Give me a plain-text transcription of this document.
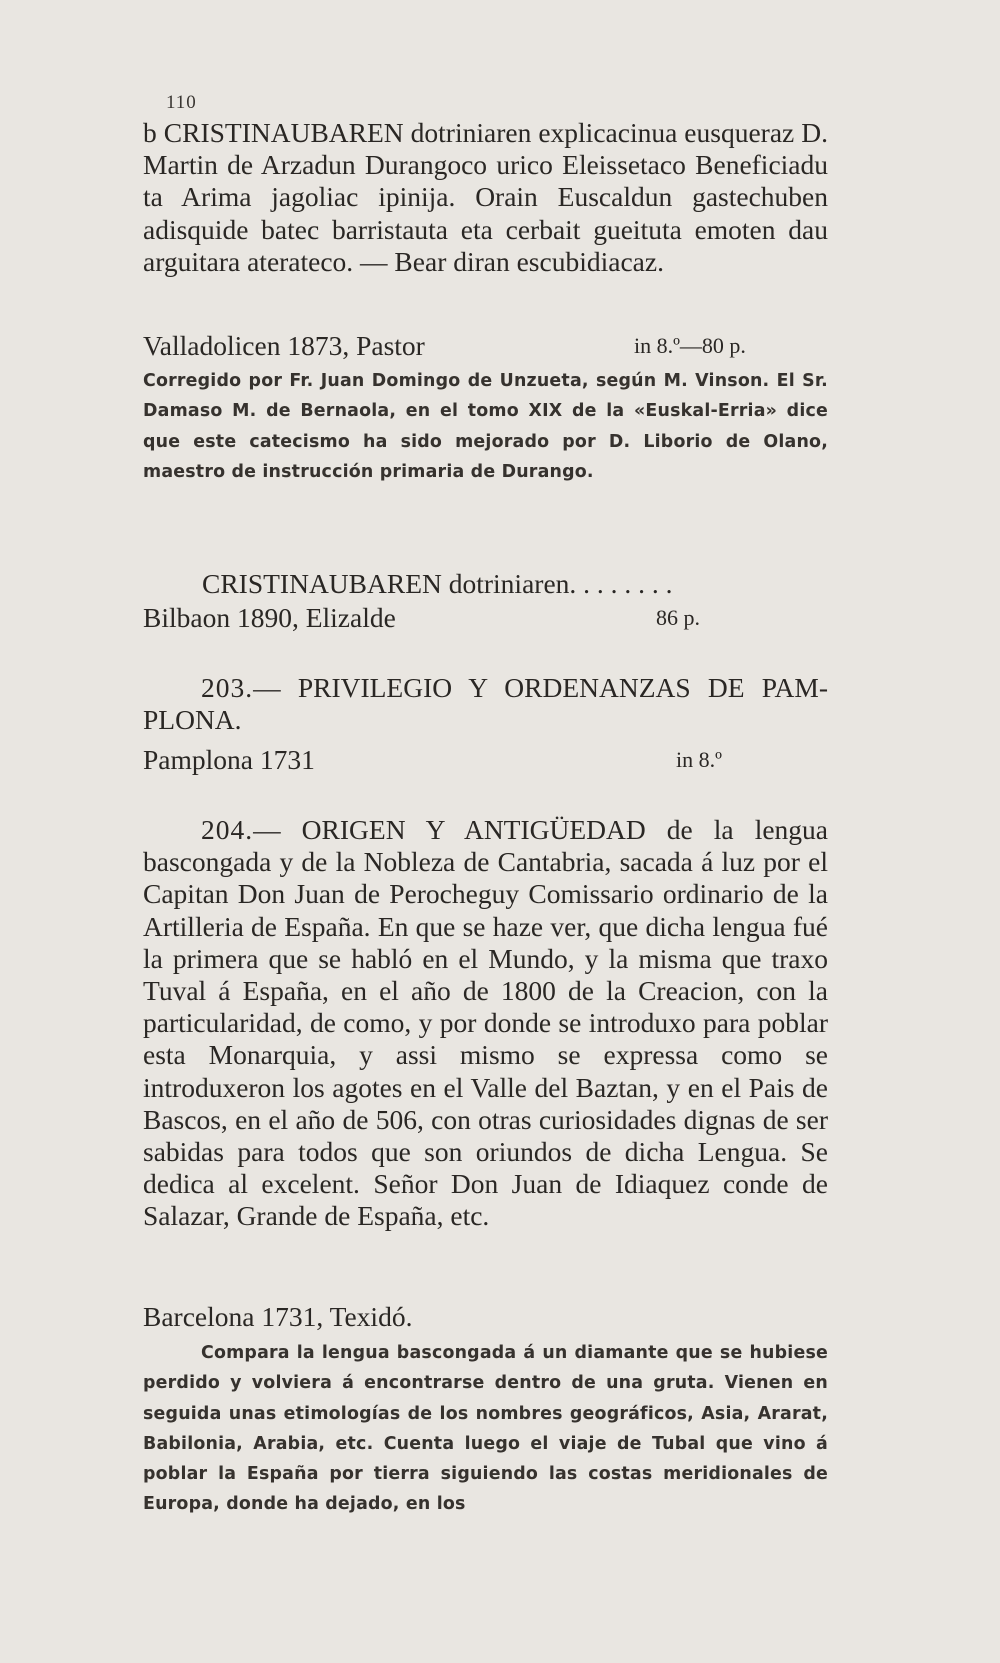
110

b CRISTINAUBAREN dotriniaren explicacinua eusqueraz D. Martin de Arzadun Durangoco urico Eleissetaco Beneficiadu ta Arima jagoliac ipinija. Orain Euscaldun gastechuben adisquide batec barristauta eta cerbait gueituta emoten dau arguitara aterateco. — Bear diran escubidiacaz.

Valladolicen 1873, Pastor	in 8.º—80 p.

Corregido por Fr. Juan Domingo de Unzueta, según M. Vinson. El Sr. Damaso M. de Bernaola, en el tomo XIX de la «Euskal-Erria» dice que este catecismo ha sido mejorado por D. Liborio de Olano, maestro de instrucción primaria de Durango.

CRISTINAUBAREN dotriniaren. . . . . . . .
Bilbaon 1890, Elizalde	86 p.

203.— PRIVILEGIO Y ORDENANZAS DE PAMPLONA.

Pamplona 1731	in 8.º

204.— ORIGEN Y ANTIGÜEDAD de la lengua bascongada y de la Nobleza de Cantabria, sacada á luz por el Capitan Don Juan de Perocheguy Comissario ordinario de la Artilleria de España. En que se haze ver, que dicha lengua fué la primera que se habló en el Mundo, y la misma que traxo Tuval á España, en el año de 1800 de la Creacion, con la particularidad, de como, y por donde se introduxo para poblar esta Monarquia, y assi mismo se expressa como se introduxeron los agotes en el Valle del Baztan, y en el Pais de Bascos, en el año de 506, con otras curiosidades dignas de ser sabidas para todos que son oriundos de dicha Lengua. Se dedica al excelent. Señor Don Juan de Idiaquez conde de Salazar, Grande de España, etc.

Barcelona 1731, Texidó.

Compara la lengua bascongada á un diamante que se hubiese perdido y volviera á encontrarse dentro de una gruta. Vienen en seguida unas etimologías de los nombres geográficos, Asia, Ararat, Babilonia, Arabia, etc. Cuenta luego el viaje de Tubal que vino á poblar la España por tierra siguiendo las costas meridionales de Europa, donde ha dejado, en los
